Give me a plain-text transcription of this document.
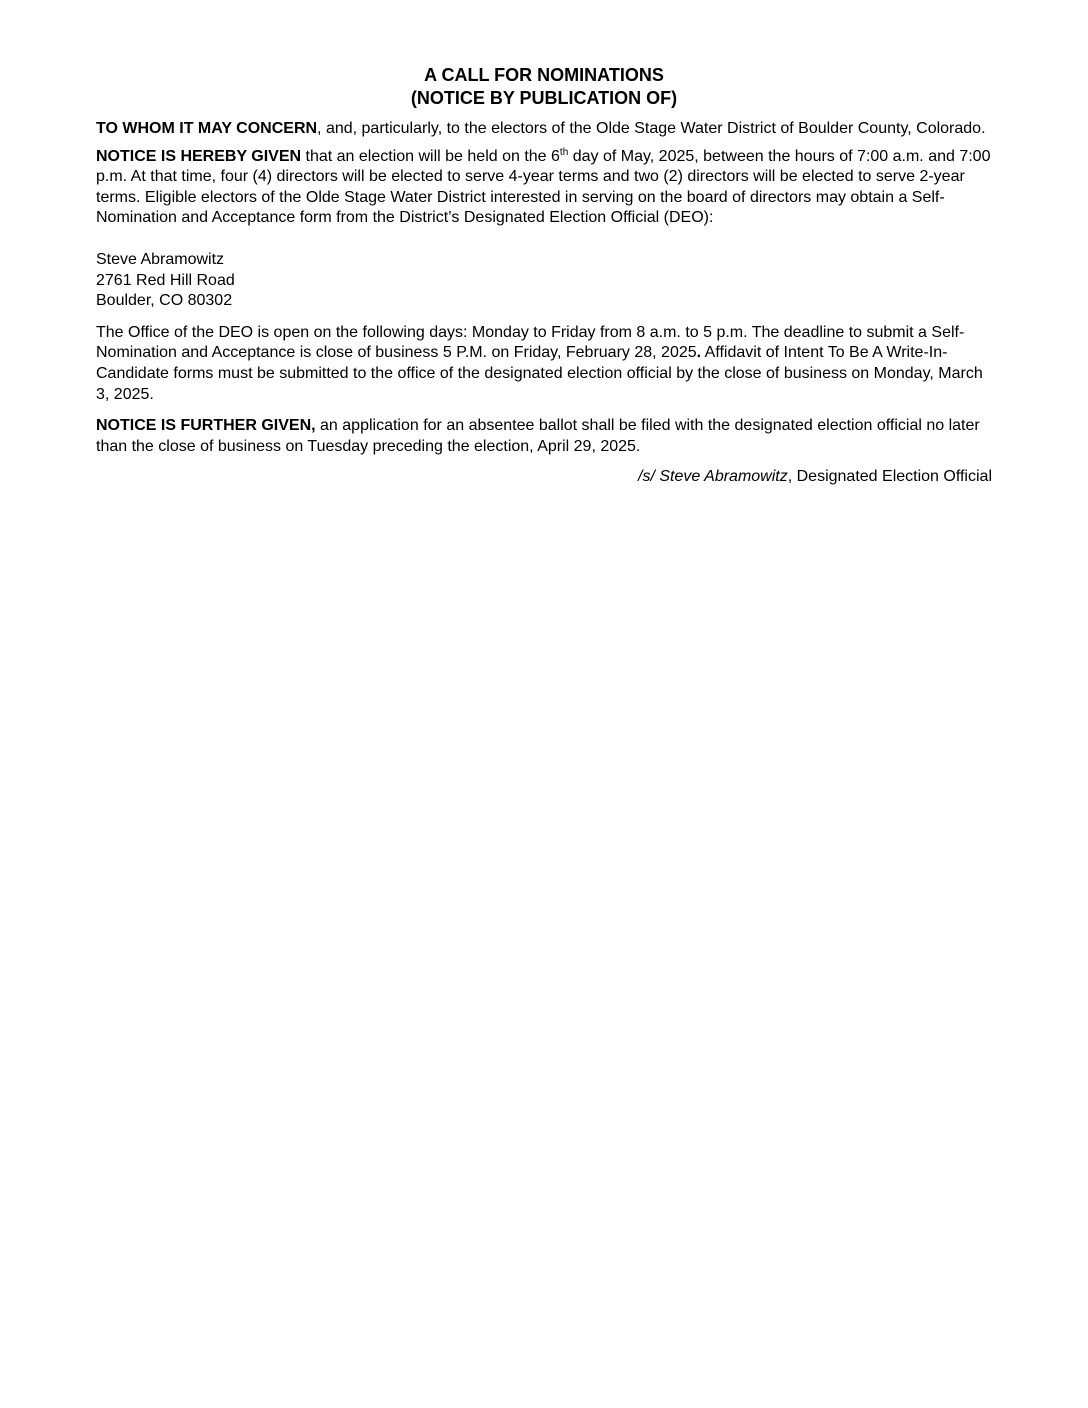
A CALL FOR NOMINATIONS
(NOTICE BY PUBLICATION OF)

TO WHOM IT MAY CONCERN, and, particularly, to the electors of the Olde Stage Water District of Boulder County, Colorado.

NOTICE IS HEREBY GIVEN that an election will be held on the 6th day of May, 2025, between the hours of 7:00 a.m. and 7:00 p.m. At that time, four (4) directors will be elected to serve 4-year terms and two (2) directors will be elected to serve 2-year terms. Eligible electors of the Olde Stage Water District interested in serving on the board of directors may obtain a Self-Nomination and Acceptance form from the District’s Designated Election Official (DEO):

Steve Abramowitz
2761 Red Hill Road
Boulder, CO 80302

The Office of the DEO is open on the following days: Monday to Friday from 8 a.m. to 5 p.m. The deadline to submit a Self-Nomination and Acceptance is close of business 5 P.M. on Friday, February 28, 2025. Affidavit of Intent To Be A Write-In-Candidate forms must be submitted to the office of the designated election official by the close of business on Monday, March 3, 2025.

NOTICE IS FURTHER GIVEN, an application for an absentee ballot shall be filed with the designated election official no later than the close of business on Tuesday preceding the election, April 29, 2025.

/s/ Steve Abramowitz, Designated Election Official
